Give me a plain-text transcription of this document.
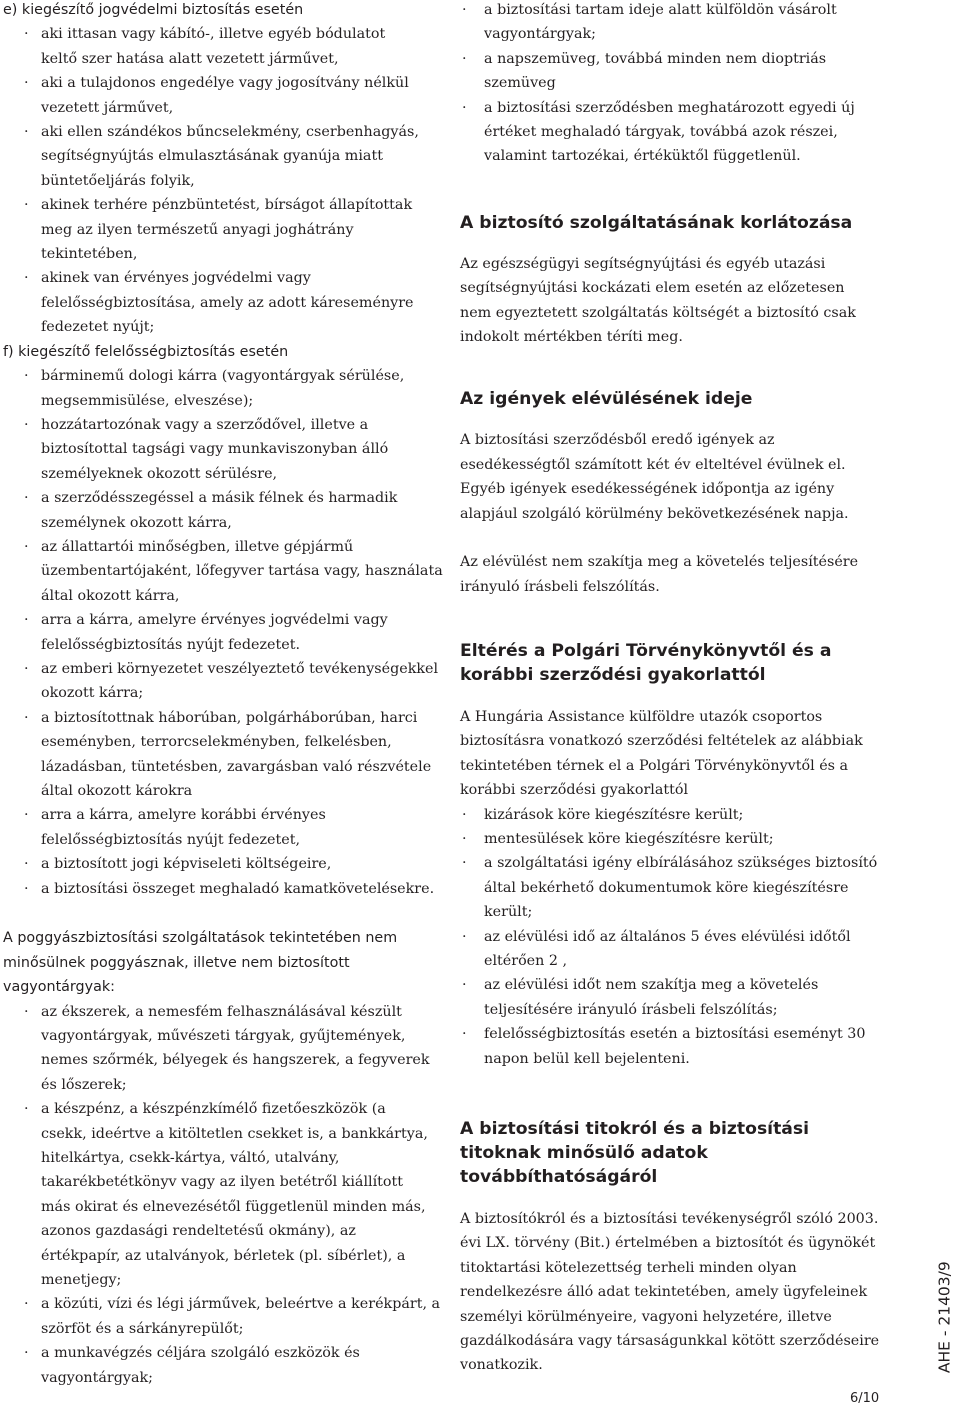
e) kiegészítő jogvédelmi biztosítás esetén

· aki ittasan vagy kábító-, illetve egyéb bódulatot keltő szer hatása alatt vezetett járművet,

· aki a tulajdonos engedélye vagy jogosítvány nélkül vezetett járművet,

· aki ellen szándékos bűncselekmény, cserbenhagyás, segítségnyújtás elmulasztásának gyanúja miatt büntetőeljárás folyik,

· akinek terhére pénzbüntetést, bírságot állapítottak meg az ilyen természetű anyagi joghátrány tekintetében,

· akinek van érvényes jogvédelmi vagy felelősségbiztosítása, amely az adott káreseményre fedezetet nyújt;

f) kiegészítő felelősségbiztosítás esetén

· bárminemű dologi kárra (vagyontárgyak sérülése, megsemmisülése, elveszése);

· hozzátartozónak vagy a szerződővel, illetve a biztosítottal tagsági vagy munkaviszonyban álló személyeknek okozott sérülésre,

· a szerződésszegéssel a másik félnek és harmadik személynek okozott kárra,

· az állattartói minőségben, illetve gépjármű üzembentartójaként, lőfegyver tartása vagy, használata által okozott kárra,

· arra a kárra, amelyre érvényes jogvédelmi vagy felelősségbiztosítás nyújt fedezetet.

· az emberi környezetet veszélyeztető tevékenységekkel okozott kárra;

· a biztosítottnak háborúban, polgárháborúban, harci eseményben, terrorcselekményben, felkelésben, lázadásban, tüntetésben, zavargásban való részvétele által okozott károkra

· arra a kárra, amelyre korábbi érvényes felelősségbiztosítás nyújt fedezetet,

· a biztosított jogi képviseleti költségeire,

· a biztosítási összeget meghaladó kamatkövetelésekre.

A poggyászbiztosítási szolgáltatások tekintetében nem minősülnek poggyásznak, illetve nem biztosított vagyontárgyak:

· az ékszerek, a nemesfém felhasználásával készült vagyontárgyak, művészeti tárgyak, gyűjtemények, nemes szőrmék, bélyegek és hangszerek, a fegyverek és lőszerek;

· a készpénz, a készpénzkímélő fizetőeszközök (a csekk, ideértve a kitöltetlen csekket is, a bankkártya, hitelkártya, csekk-kártya, váltó, utalvány, takarékbetétkönyv vagy az ilyen betétről kiállított más okirat és elnevezésétől függetlenül minden más, azonos gazdasági rendeltetésű okmány), az értékpapír, az utalványok, bérletek (pl. síbérlet), a menetjegy;

· a közúti, vízi és légi járművek, beleértve a kerékpárt, a szörföt és a sárkányrepülőt;

· a munkavégzés céljára szolgáló eszközök és vagyontárgyak;

· a biztosítási tartam ideje alatt külföldön vásárolt vagyontárgyak;

· a napszemüveg, továbbá minden nem dioptriás szemüveg

· a biztosítási szerződésben meghatározott egyedi új értéket meghaladó tárgyak, továbbá azok részei, valamint tartozékai, értéküktől függetlenül.

A biztosító szolgáltatásának korlátozása

Az egészségügyi segítségnyújtási és egyéb utazási segítségnyújtási kockázati elem esetén az előzetesen nem egyeztetett szolgáltatás költségét a biztosító csak indokolt mértékben téríti meg.

Az igények elévülésének ideje

A biztosítási szerződésből eredő igények az esedékességtől számított két év elteltével évülnek el.

Egyéb igények esedékességének időpontja az igény alapjául szolgáló körülmény bekövetkezésének napja.

Az elévülést nem szakítja meg a követelés teljesítésére irányuló írásbeli felszólítás.

Eltérés a Polgári Törvénykönyvtől és a korábbi szerződési gyakorlattól

A Hungária Assistance külföldre utazók csoportos biztosításra vonatkozó szerződési feltételek az alábbiak tekintetében térnek el a Polgári Törvénykönyvtől és a korábbi szerződési gyakorlattól

· kizárások köre kiegészítésre került;

· mentesülések köre kiegészítésre került;

· a szolgáltatási igény elbírálásához szükséges biztosító által bekérhető dokumentumok köre kiegészítésre került;

· az elévülési idő az általános 5 éves elévülési időtől eltérően 2 ,

· az elévülési időt nem szakítja meg a követelés teljesítésére irányuló írásbeli felszólítás;

· felelősségbiztosítás esetén a biztosítási eseményt 30 napon belül kell bejelenteni.

A biztosítási titokról és a biztosítási titoknak minősülő adatok továbbíthatóságáról

A biztosítókról és a biztosítási tevékenységről szóló 2003. évi LX. törvény (Bit.) értelmében a biztosítót és ügynökét titoktartási kötelezettség terheli minden olyan rendelkezésre álló adat tekintetében, amely ügyfeleinek személyi körülményeire, vagyoni helyzetére, illetve gazdálkodására vagy társaságunkkal kötött szerződéseire vonatkozik.	AHE - 21403/9
6/10
